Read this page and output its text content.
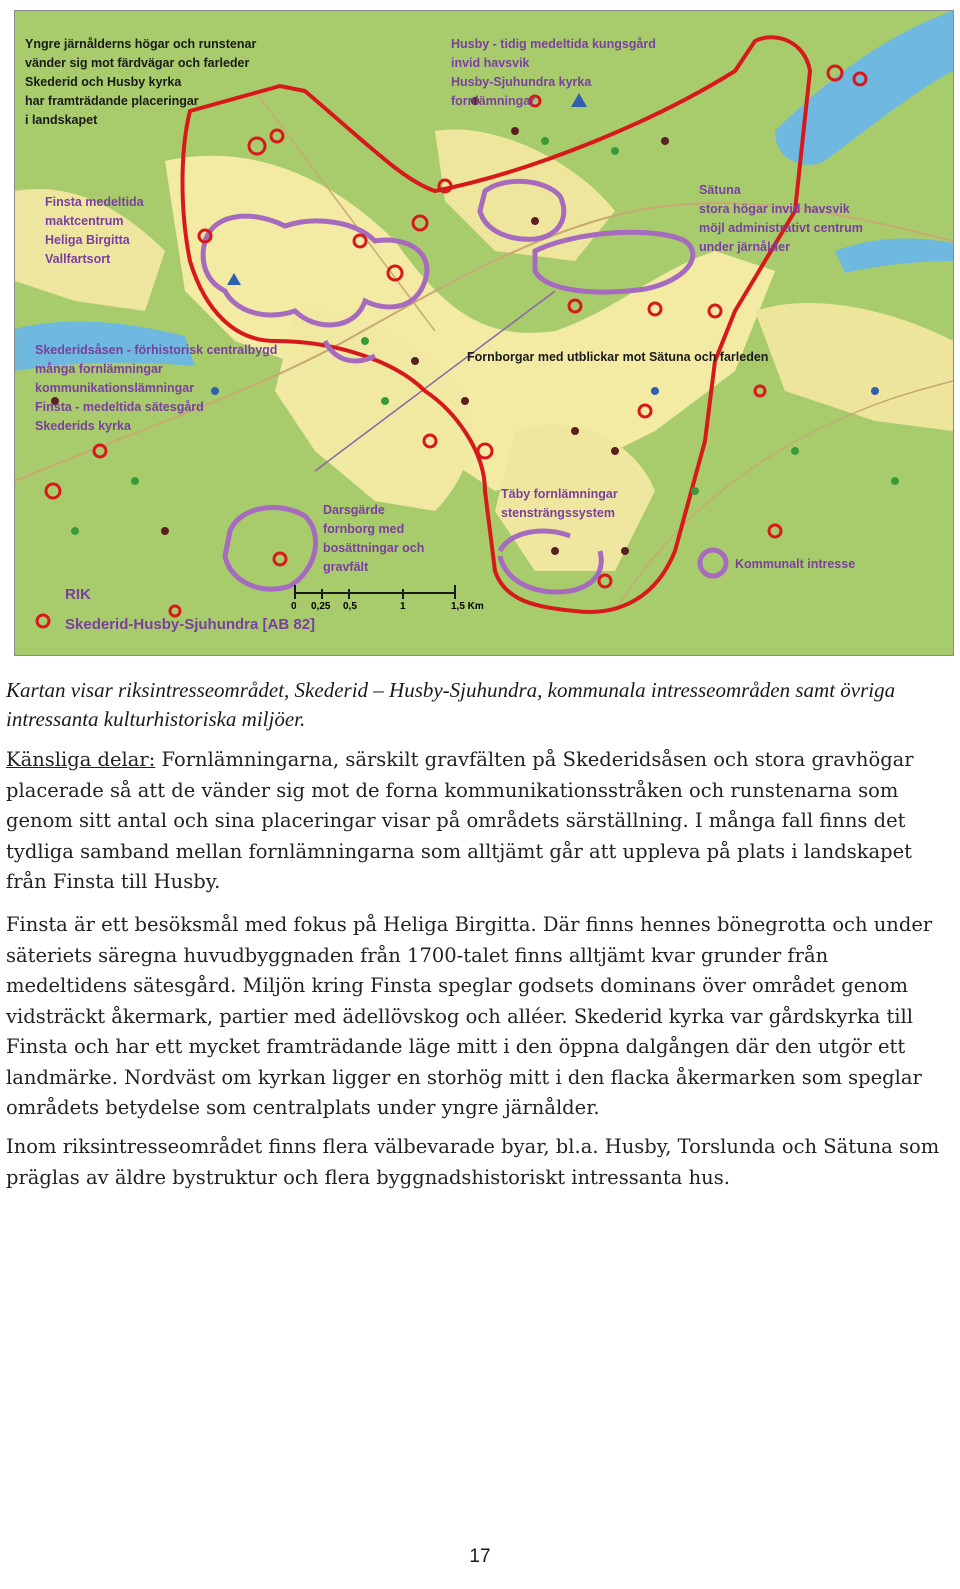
Yngre järnålderns högar och runstenar
vänder sig mot färdvägar och farleder
Skederid och Husby kyrka
har framträdande placeringar
i landskapet
Husby - tidig medeltida kungsgård
invid havsvik
Husby-Sjuhundra kyrka
fornlämningar
Finsta medeltida
maktcentrum
Heliga Birgitta
Vallfartsort
Sätuna
stora högar invid havsvik
möjl administrativt centrum
under järnålder
Skederidsåsen - förhistorisk centralbygd
många fornlämningar
kommunikationslämningar
Finsta - medeltida sätesgård
Skederids kyrka
Fornborgar med utblickar mot Sätuna och farleden
Darsgärde
fornborg med
bosättningar och
gravfält
Täby fornlämningar
stensträngssystem
Kommunalt intresse
0 0,25 0,5	1	1,5 Km
RIK
Skederid-Husby-Sjuhundra [AB 82]

Kartan visar riksintresseområdet, Skederid – Husby-Sjuhundra, kommunala intresseområden samt övriga intressanta kulturhistoriska miljöer.

Känsliga delar: Fornlämningarna, särskilt gravfälten på Skederidsåsen och stora gravhögar placerade så att de vänder sig mot de forna kommunikationsstråken och runstenarna som genom sitt antal och sina placeringar visar på områdets särställning. I många fall finns det tydliga samband mellan fornlämningarna som alltjämt går att uppleva på plats i landskapet från Finsta till Husby.

Finsta är ett besöksmål med fokus på Heliga Birgitta. Där finns hennes bönegrotta och under säteriets säregna huvudbyggnaden från 1700-talet finns alltjämt kvar grunder från medeltidens sätesgård. Miljön kring Finsta speglar godsets dominans över området genom vidsträckt åkermark, partier med ädellövskog och alléer. Skederid kyrka var gårdskyrka till Finsta och har ett mycket framträdande läge mitt i den öppna dalgången där den utgör ett landmärke. Nordväst om kyrkan ligger en storhög mitt i den flacka åkermarken som speglar områdets betydelse som centralplats under yngre järnålder.

Inom riksintresseområdet finns flera välbevarade byar, bl.a. Husby, Torslunda och Sätuna som präglas av äldre bystruktur och flera byggnadshistoriskt intressanta hus.

17
